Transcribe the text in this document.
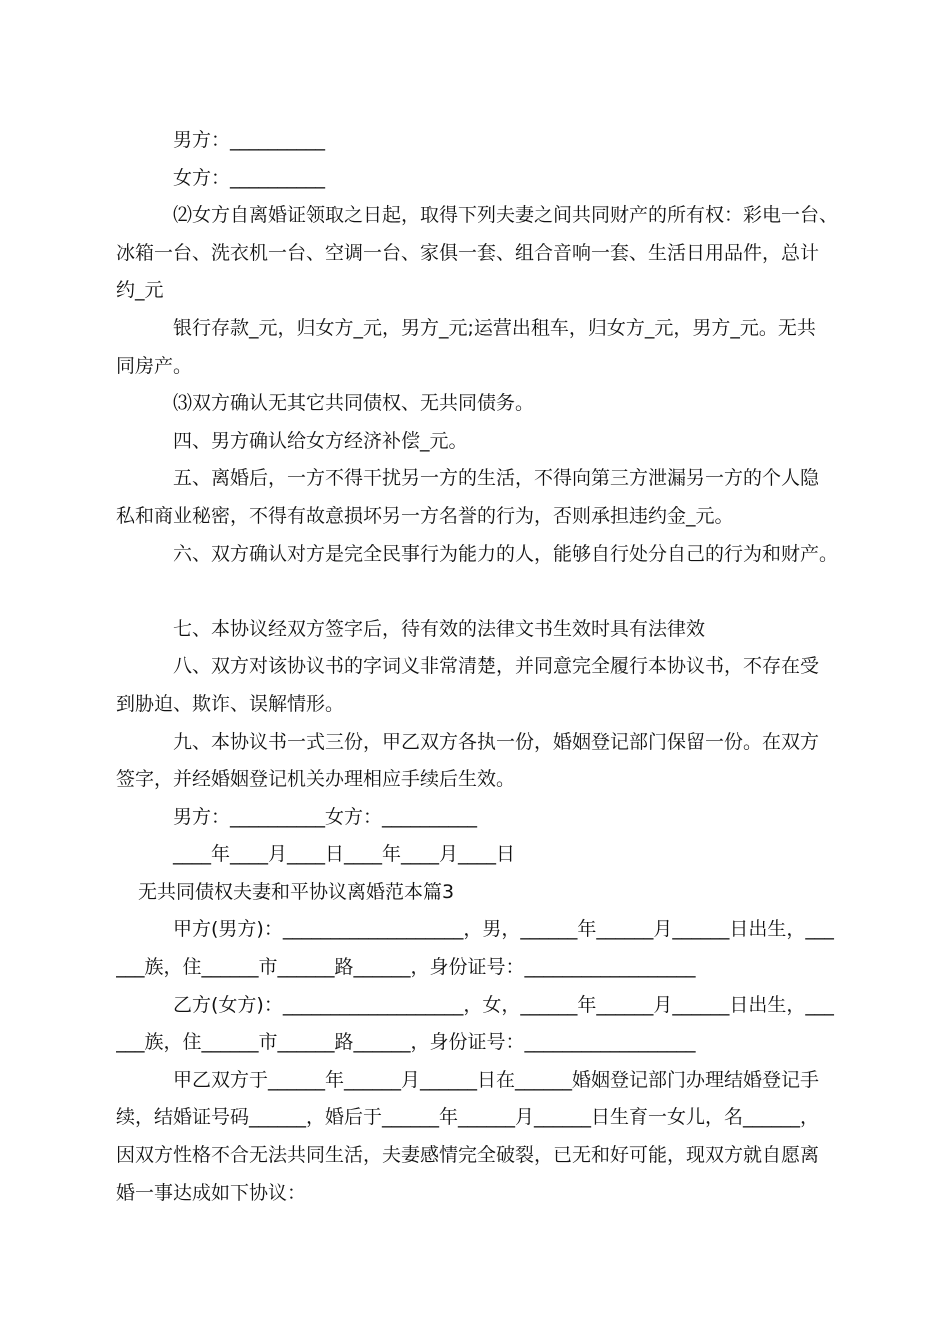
男方：__________
女方：__________
⑵女方自离婚证领取之日起，取得下列夫妻之间共同财产的所有权：彩电一台、
冰箱一台、洗衣机一台、空调一台、家俱一套、组合音响一套、生活日用品件，总计
约_元
银行存款_元，归女方_元，男方_元;运营出租车，归女方_元，男方_元。无共
同房产。
⑶双方确认无其它共同债权、无共同债务。
四、男方确认给女方经济补偿_元。
五、离婚后，一方不得干扰另一方的生活，不得向第三方泄漏另一方的个人隐
私和商业秘密，不得有故意损坏另一方名誉的行为，否则承担违约金_元。
六、双方确认对方是完全民事行为能力的人，能够自行处分自己的行为和财产。
七、本协议经双方签字后，待有效的法律文书生效时具有法律效
八、双方对该协议书的字词义非常清楚，并同意完全履行本协议书，不存在受
到胁迫、欺诈、误解情形。
九、本协议书一式三份，甲乙双方各执一份，婚姻登记部门保留一份。在双方
签字，并经婚姻登记机关办理相应手续后生效。
男方：__________女方：__________
____年____月____日____年____月____日
无共同债权夫妻和平协议离婚范本篇3
甲方(男方)：___________________，男，______年______月______日出生，___
___族，住______市______路______，身份证号：__________________
乙方(女方)：___________________，女，______年______月______日出生，___
___族，住______市______路______，身份证号：__________________
甲乙双方于______年______月______日在______婚姻登记部门办理结婚登记手
续，结婚证号码______，婚后于______年______月______日生育一女儿，名______，
因双方性格不合无法共同生活，夫妻感情完全破裂，已无和好可能，现双方就自愿离
婚一事达成如下协议：
